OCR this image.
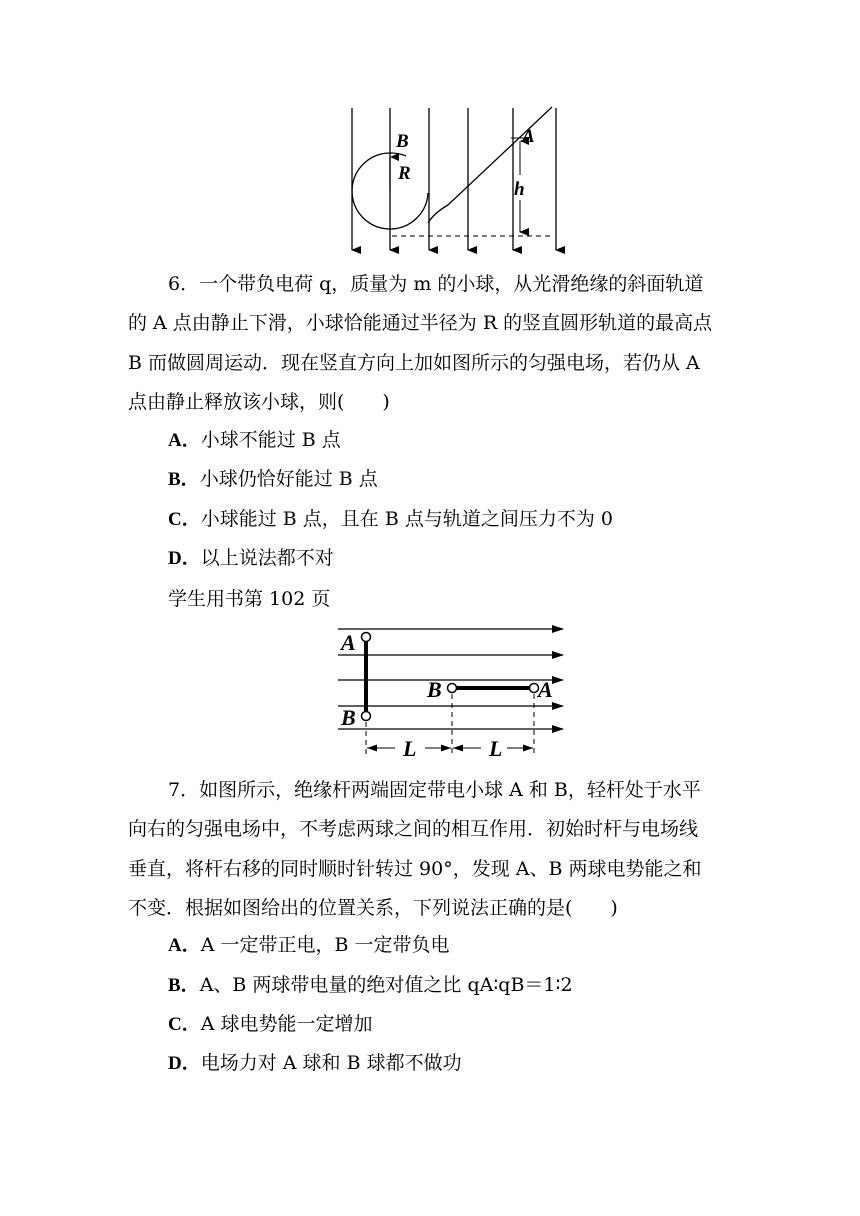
B
R
A
h
6．一个带负电荷 q，质量为 m 的小球，从光滑绝缘的斜面轨道
的 A 点由静止下滑，小球恰能通过半径为 R 的竖直圆形轨道的最高点
B 而做圆周运动．现在竖直方向上加如图所示的匀强电场，若仍从 A
点由静止释放该小球，则(　　)
A．小球不能过 B 点
B．小球仍恰好能过 B 点
C．小球能过 B 点，且在 B 点与轨道之间压力不为 0
D．以上说法都不对
学生用书第 102 页
A
B
B	A
L	L
7．如图所示，绝缘杆两端固定带电小球 A 和 B，轻杆处于水平
向右的匀强电场中，不考虑两球之间的相互作用．初始时杆与电场线
垂直，将杆右移的同时顺时针转过 90°，发现 A、B 两球电势能之和
不变．根据如图给出的位置关系，下列说法正确的是(　　)
A．A 一定带正电，B 一定带负电
B．A、B 两球带电量的绝对值之比 qA∶qB＝1∶2
C．A 球电势能一定增加
D．电场力对 A 球和 B 球都不做功
